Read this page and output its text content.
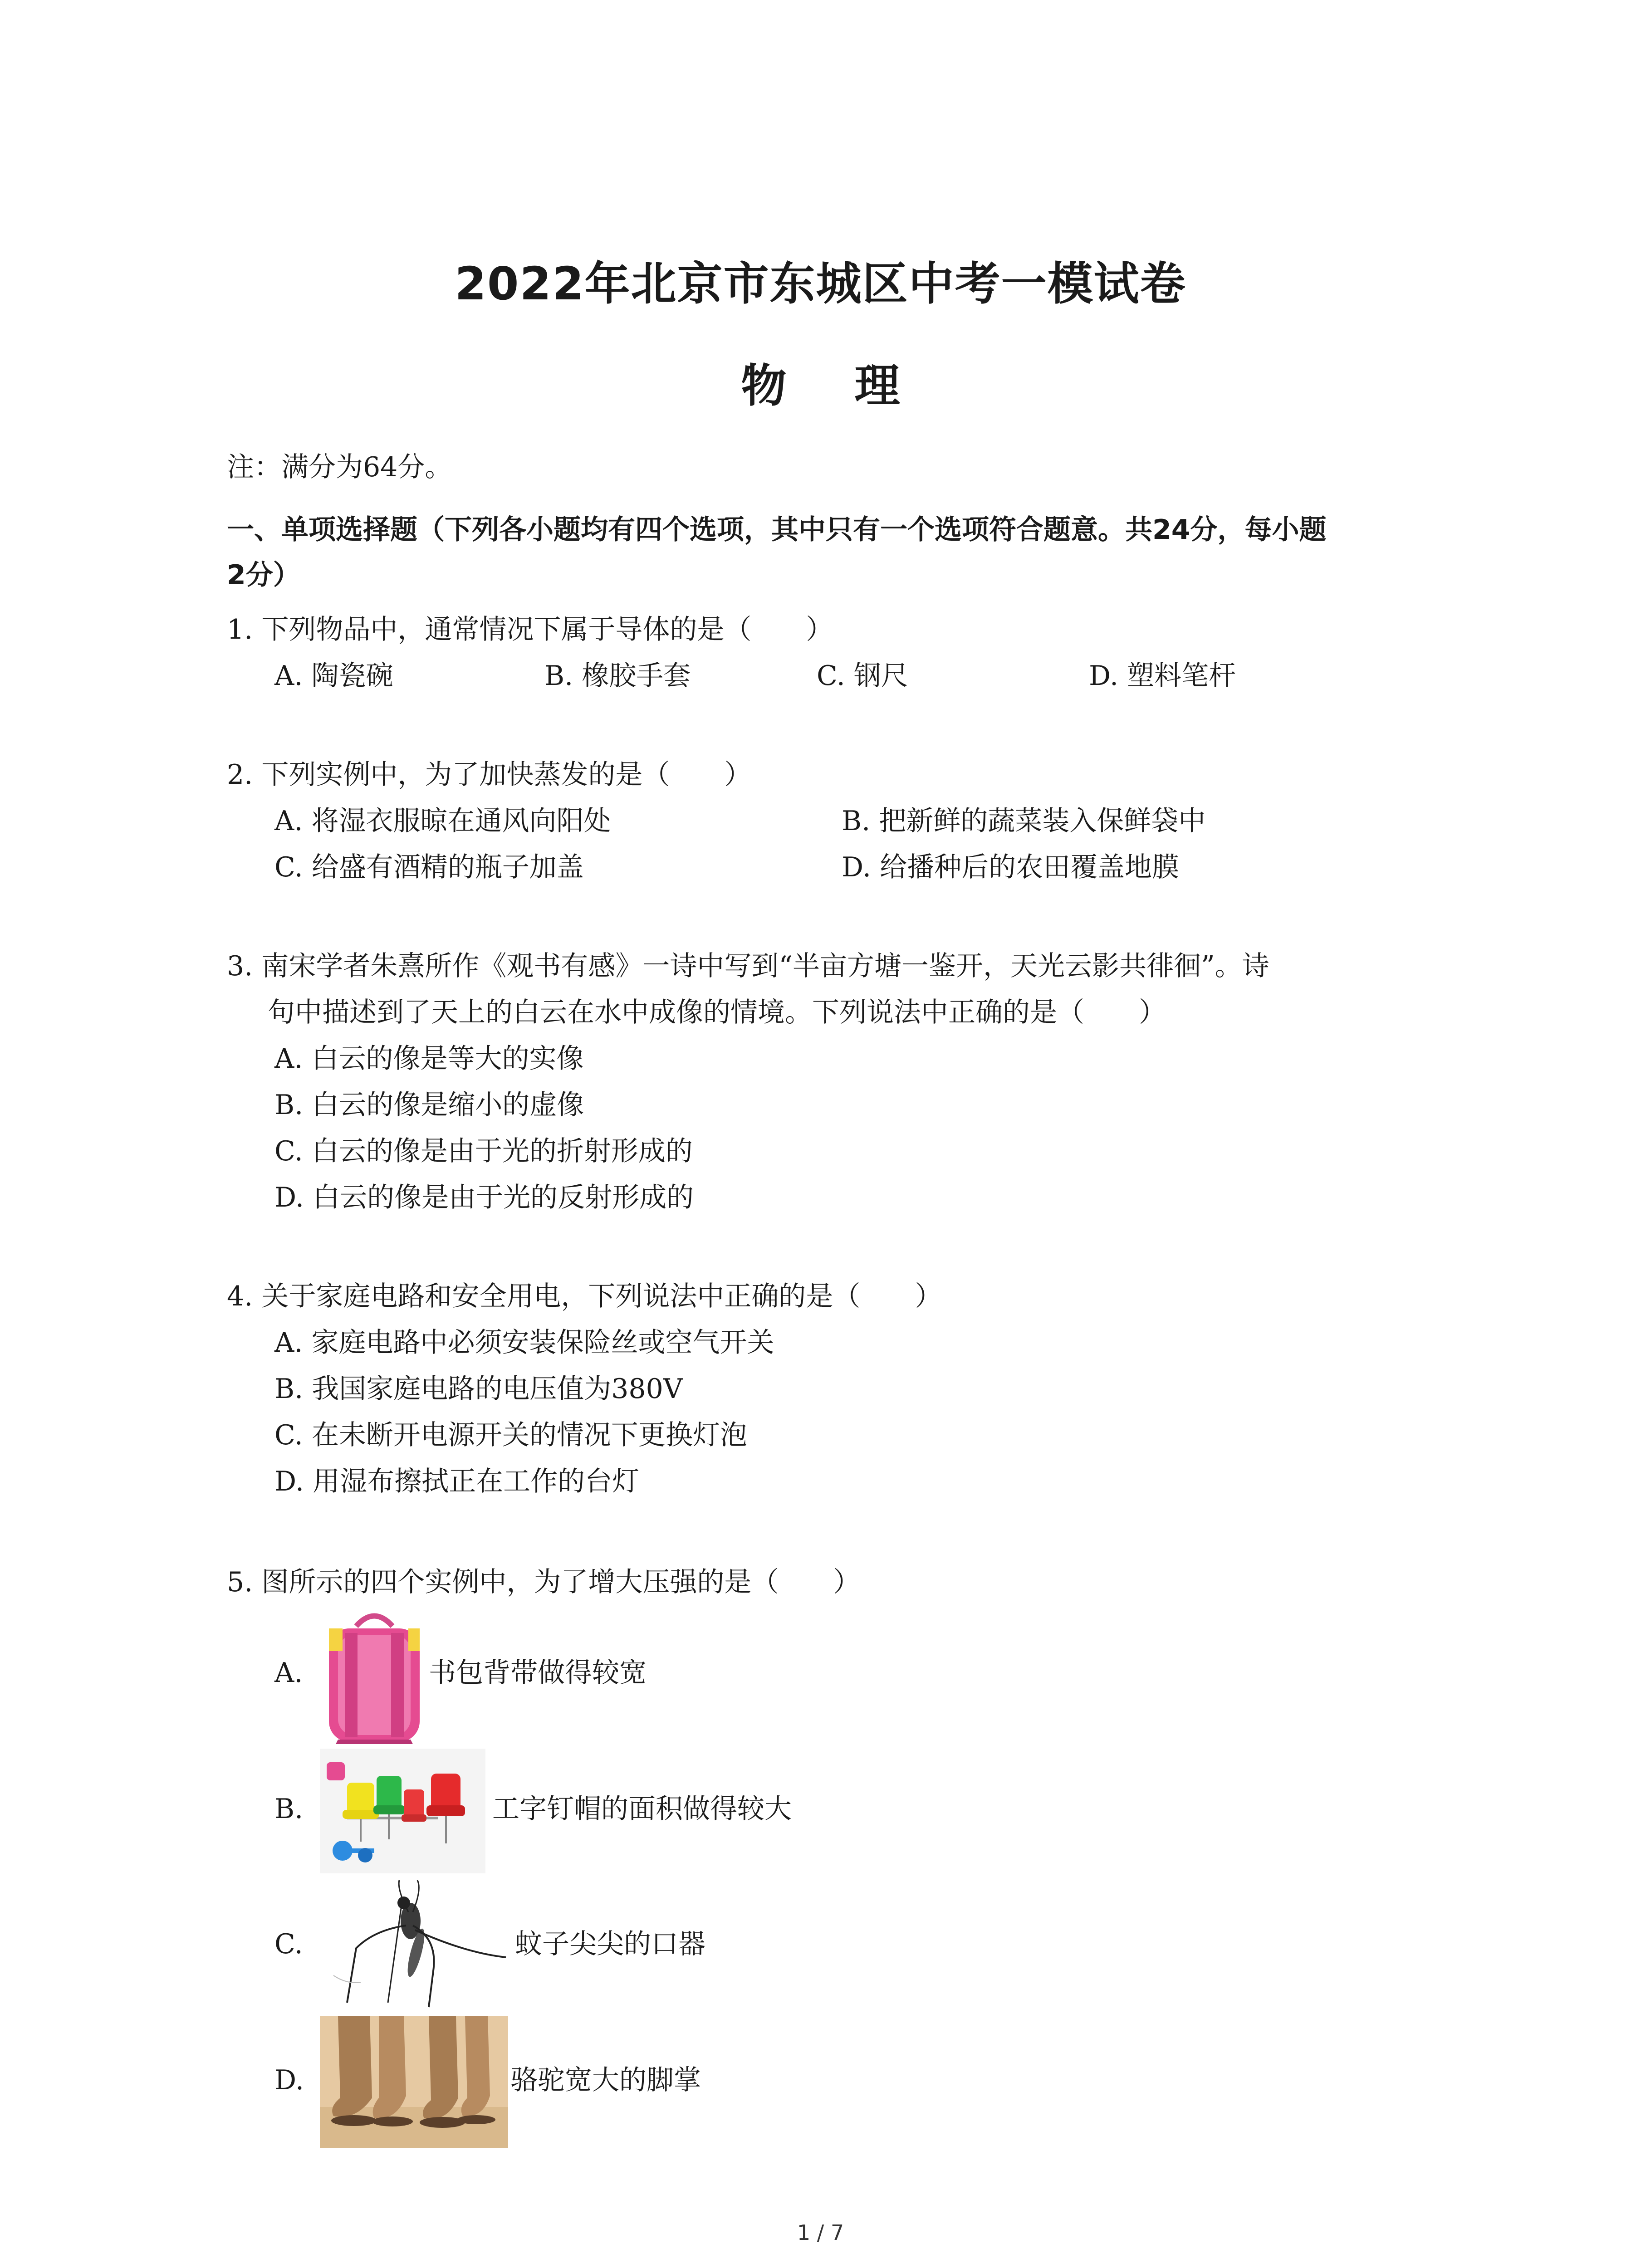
2022年北京市东城区中考一模试卷
物理
注：满分为64分。
一、单项选择题（下列各小题均有四个选项，其中只有一个选项符合题意。共24分，每小题
2分）
1. 下列物品中，通常情况下属于导体的是（　　）
A. 陶瓷碗	B. 橡胶手套	C. 钢尺	D. 塑料笔杆
2. 下列实例中，为了加快蒸发的是（　　）
A. 将湿衣服晾在通风向阳处	B. 把新鲜的蔬菜装入保鲜袋中
C. 给盛有酒精的瓶子加盖	D. 给播种后的农田覆盖地膜
3. 南宋学者朱熹所作《观书有感》一诗中写到“半亩方塘一鉴开，天光云影共徘徊”。诗
句中描述到了天上的白云在水中成像的情境。下列说法中正确的是（　　）
A. 白云的像是等大的实像
B. 白云的像是缩小的虚像
C. 白云的像是由于光的折射形成的
D. 白云的像是由于光的反射形成的
4. 关于家庭电路和安全用电，下列说法中正确的是（　　）
A. 家庭电路中必须安装保险丝或空气开关
B. 我国家庭电路的电压值为380V
C. 在未断开电源开关的情况下更换灯泡
D. 用湿布擦拭正在工作的台灯
5. 图所示的四个实例中，为了增大压强的是（　　）
A.	书包背带做得较宽
B.	工字钉帽的面积做得较大
C.	蚊子尖尖的口器
D.	骆驼宽大的脚掌
1 / 7
